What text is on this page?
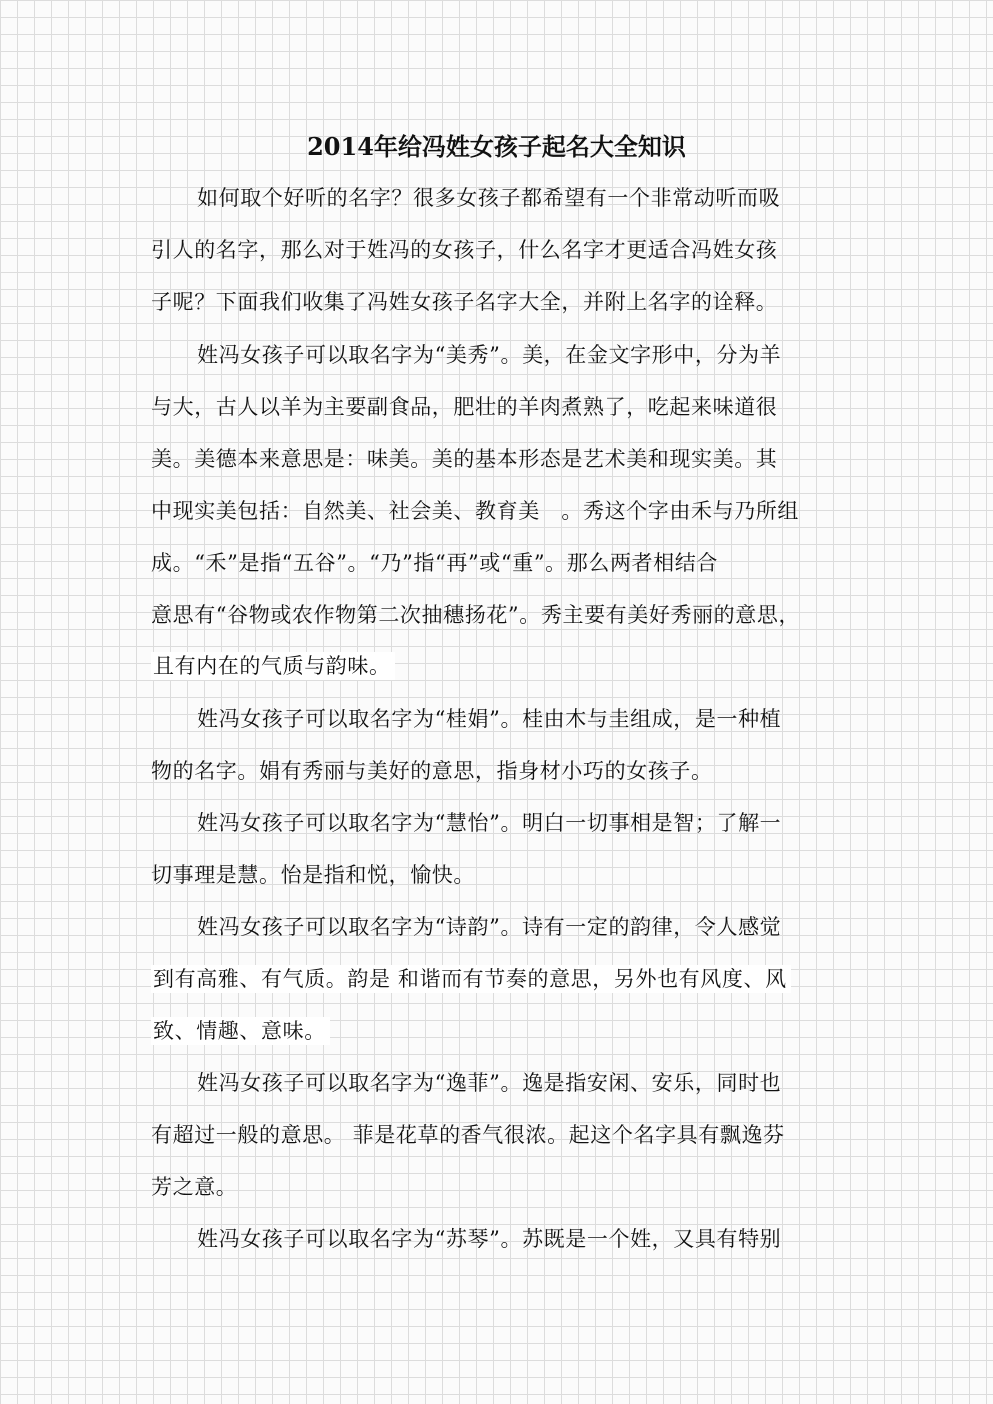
2014年给冯姓女孩子起名大全知识
如何取个好听的名字？很多女孩子都希望有一个非常动听而吸
引人的名字，那么对于姓冯的女孩子，什么名字才更适合冯姓女孩
子呢？下面我们收集了冯姓女孩子名字大全，并附上名字的诠释。
姓冯女孩子可以取名字为“美秀”。美，在金文字形中，分为羊
与大，古人以羊为主要副食品，肥壮的羊肉煮熟了，吃起来味道很
美。美德本来意思是：味美。美的基本形态是艺术美和现实美。其
中现实美包括：自然美、社会美、教育美　。秀这个字由禾与乃所组
成。“禾”是指“五谷”。“乃”指“再”或“重”。那么两者相结合
意思有“谷物或农作物第二次抽穗扬花”。秀主要有美好秀丽的意思，
且有内在的气质与韵味。
姓冯女孩子可以取名字为“桂娟”。桂由木与圭组成，是一种植
物的名字。娟有秀丽与美好的意思，指身材小巧的女孩子。
姓冯女孩子可以取名字为“慧怡”。明白一切事相是智；了解一
切事理是慧。怡是指和悦，愉快。
姓冯女孩子可以取名字为“诗韵”。诗有一定的韵律，令人感觉
到有高雅、有气质。韵是 和谐而有节奏的意思，另外也有风度、风
致、情趣、意味。
姓冯女孩子可以取名字为“逸菲”。逸是指安闲、安乐，同时也
有超过一般的意思。 菲是花草的香气很浓。起这个名字具有飘逸芬
芳之意。
姓冯女孩子可以取名字为“苏琴”。苏既是一个姓，又具有特别
